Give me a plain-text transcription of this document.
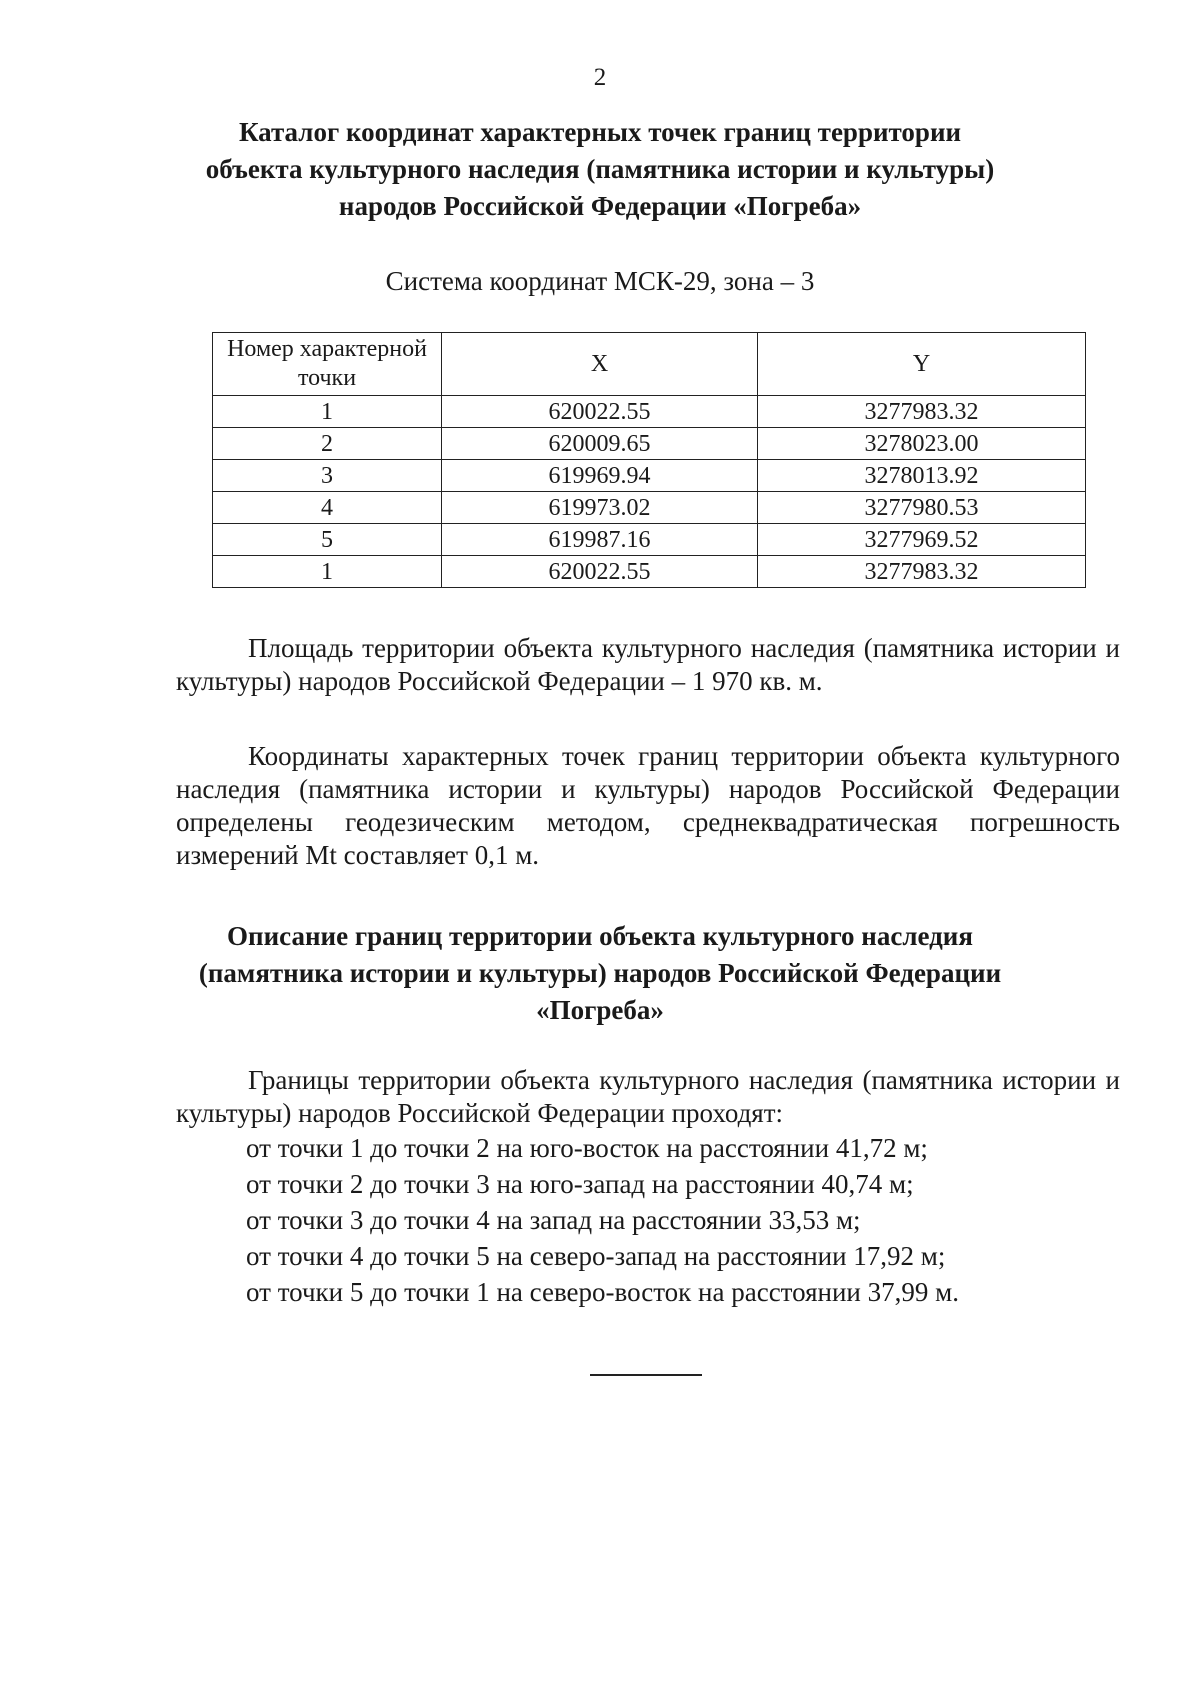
2
Каталог координат характерных точек границ территории
объекта культурного наследия (памятника истории и культуры)
народов Российской Федерации «Погреба»
Система координат МСК-29, зона – 3
Номер характерной точки	X	Y
1	620022.55	3277983.32
2	620009.65	3278023.00
3	619969.94	3278013.92
4	619973.02	3277980.53
5	619987.16	3277969.52
1	620022.55	3277983.32

Площадь территории объекта культурного наследия (памятника истории и культуры) народов Российской Федерации – 1 970 кв. м.

Координаты характерных точек границ территории объекта культурного наследия (памятника истории и культуры) народов Российской Федерации определены геодезическим методом, среднеквадратическая погрешность измерений Mt составляет 0,1 м.

Описание границ территории объекта культурного наследия
(памятника истории и культуры) народов Российской Федерации
«Погреба»

Границы территории объекта культурного наследия (памятника истории и культуры) народов Российской Федерации проходят:

от точки 1 до точки 2 на юго-восток на расстоянии 41,72 м;
от точки 2 до точки 3 на юго-запад на расстоянии 40,74 м;
от точки 3 до точки 4 на запад на расстоянии 33,53 м;
от точки 4 до точки 5 на северо-запад на расстоянии 17,92 м;
от точки 5 до точки 1 на северо-восток на расстоянии 37,99 м.
